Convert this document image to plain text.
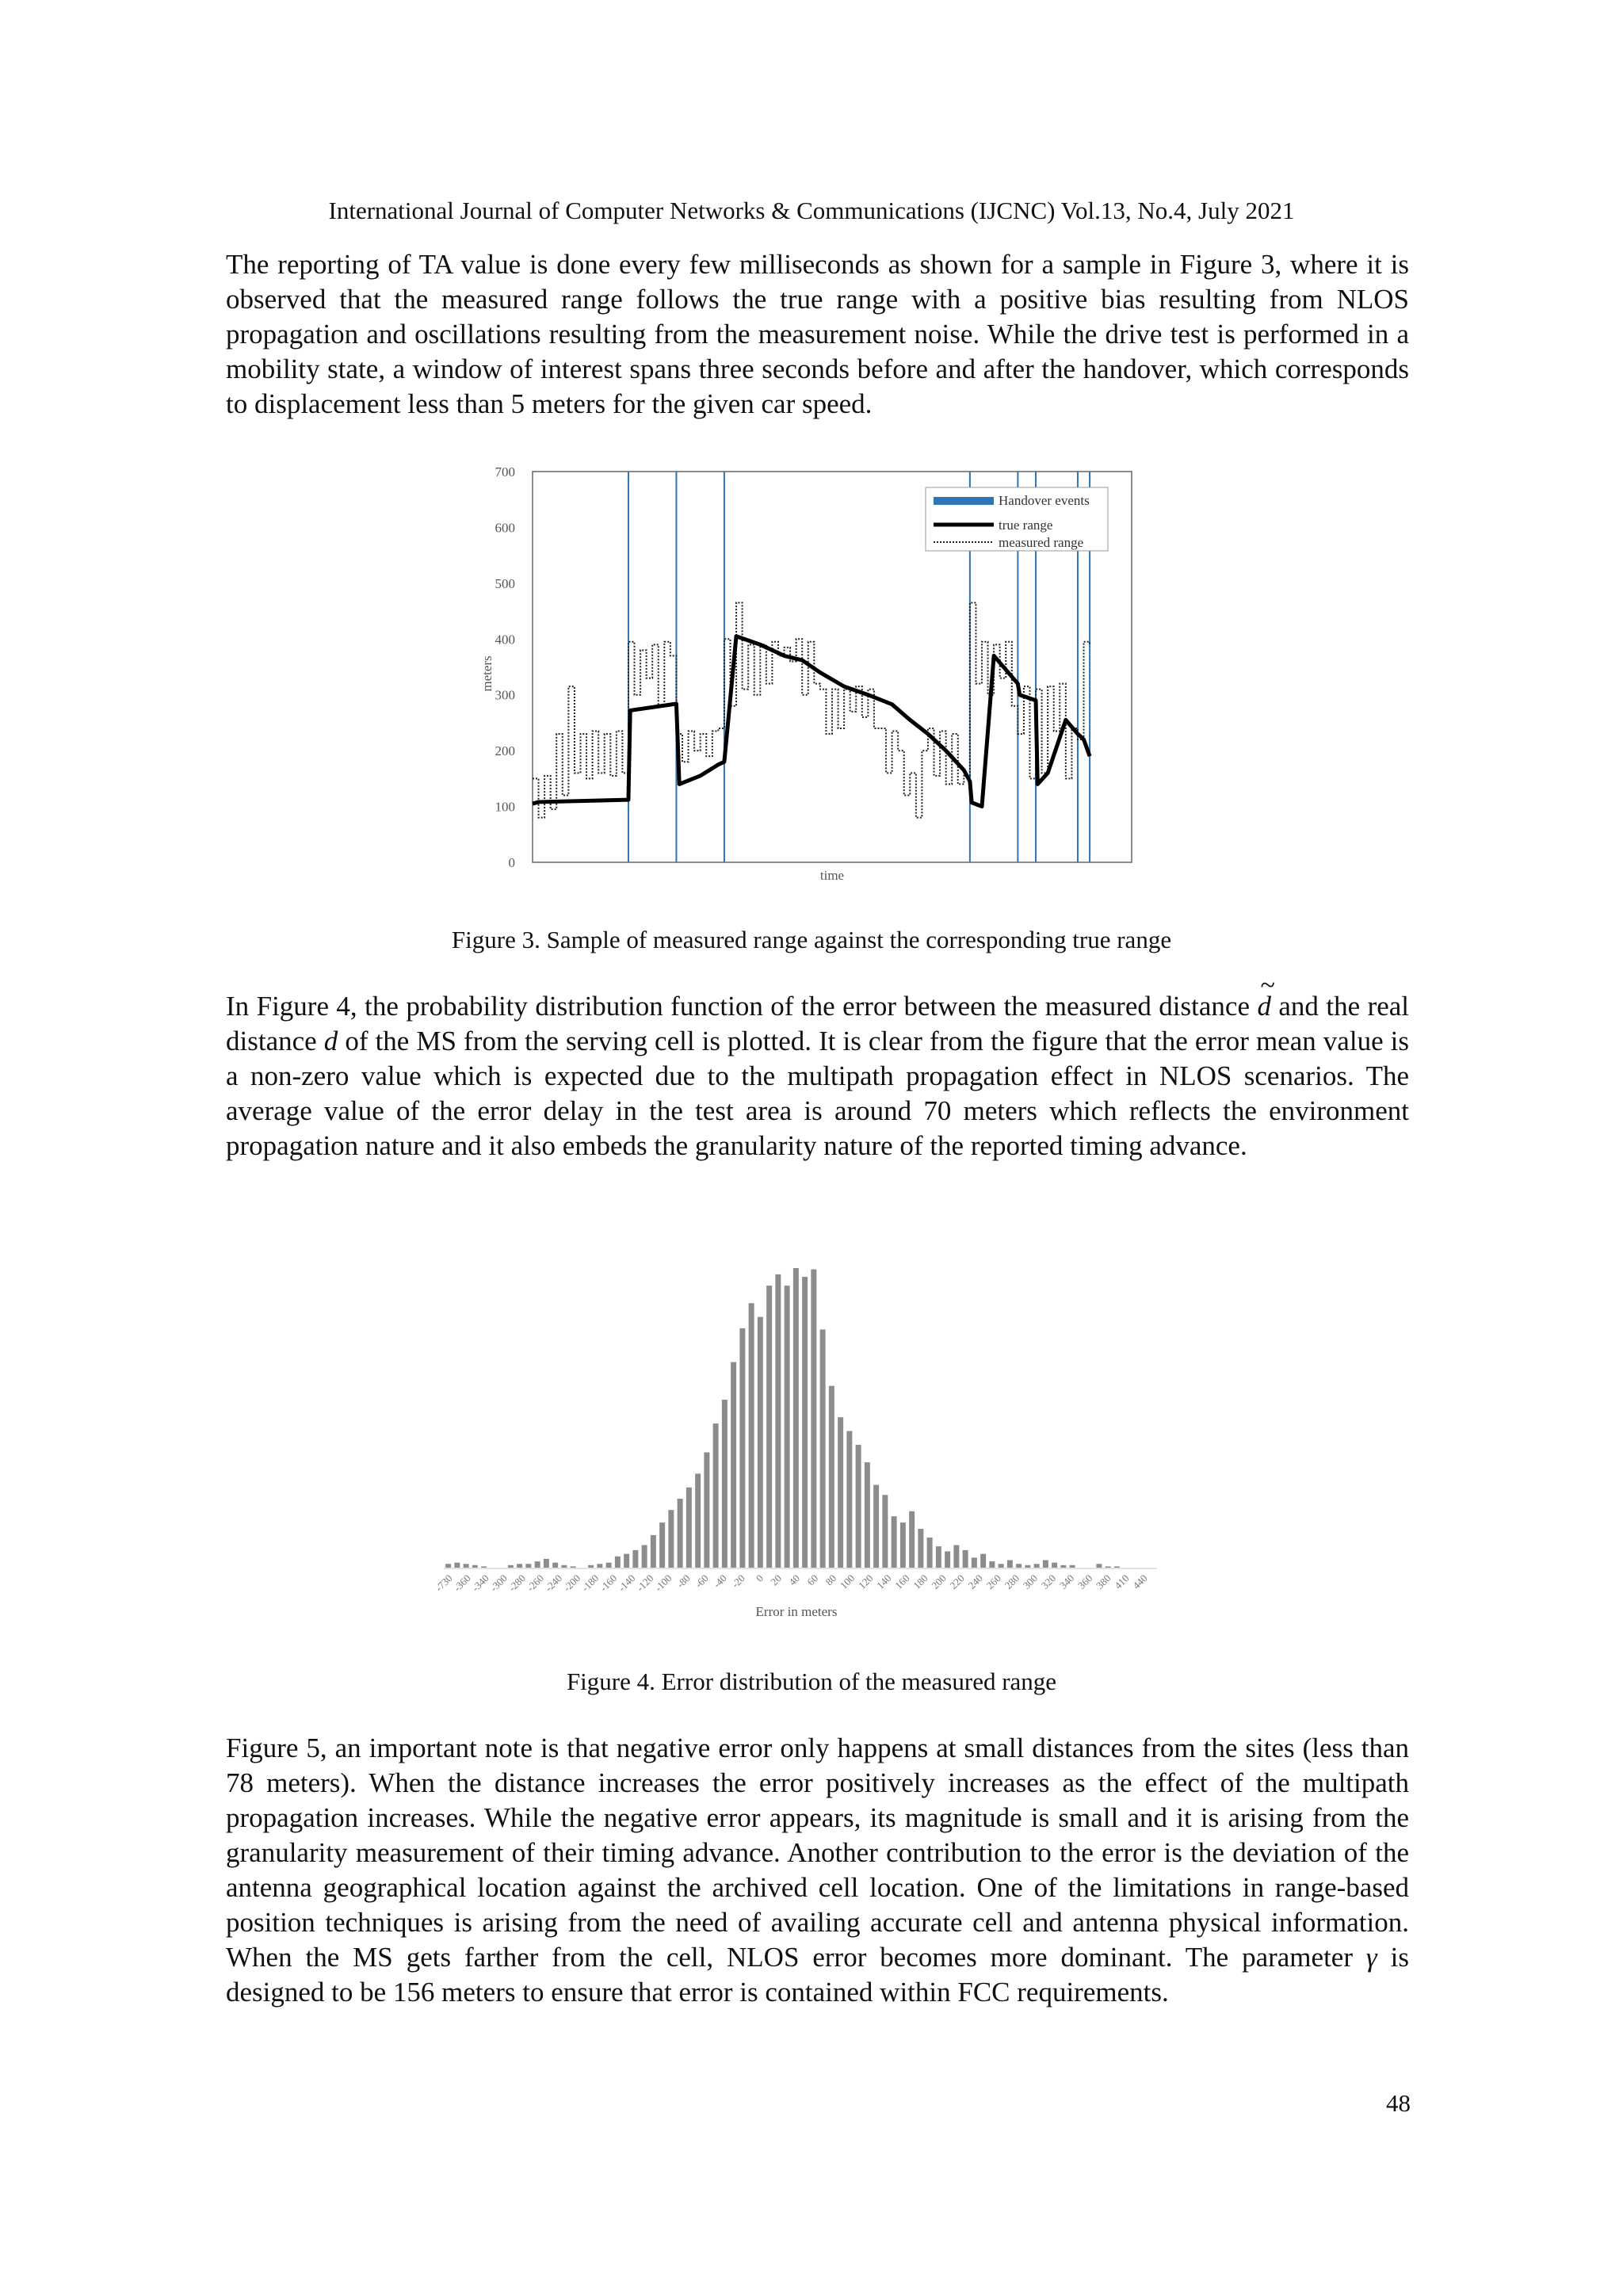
International Journal of Computer Networks & Communications (IJCNC) Vol.13, No.4, July 2021

The reporting of TA value is done every few milliseconds as shown for a sample in Figure 3, where it is observed that the measured range follows the true range with a positive bias resulting from NLOS propagation and oscillations resulting from the measurement noise. While the drive test is performed in a mobility state, a window of interest spans three seconds before and after the handover, which corresponds to displacement less than 5 meters for the given car speed.

0
100
200
300
400
500
600
700
Handover events
true range
measured range
time
meters
Figure 3. Sample of measured range against the corresponding true range

In Figure 4, the probability distribution function of the error between the measured distance ~ d and the real distance d of the MS from the serving cell is plotted. It is clear from the figure that the error mean value is a non-zero value which is expected due to the multipath propagation effect in NLOS scenarios. The average value of the error delay in the test area is around 70 meters which reflects the environment propagation nature and it also embeds the granularity nature of the reported timing advance.

-730
-360
-340
-300
-280
-260
-240
-200
-180
-160
-140
-120
-100 -80 -60 -40 -20 0 20 40 60 80
100
120
140
160
180
200
220
240
260
280
300
320
340
360
380
410
440
Error in meters
Figure 4. Error distribution of the measured range

Figure 5, an important note is that negative error only happens at small distances from the sites (less than 78 meters). When the distance increases the error positively increases as the effect of the multipath propagation increases. While the negative error appears, its magnitude is small and it is arising from the granularity measurement of their timing advance. Another contribution to the error is the deviation of the antenna geographical location against the archived cell location. One of the limitations in range-based position techniques is arising from the need of availing accurate cell and antenna physical information. When the MS gets farther from the cell, NLOS error becomes more dominant. The parameter γ is designed to be 156 meters to ensure that error is contained within FCC requirements.

48
